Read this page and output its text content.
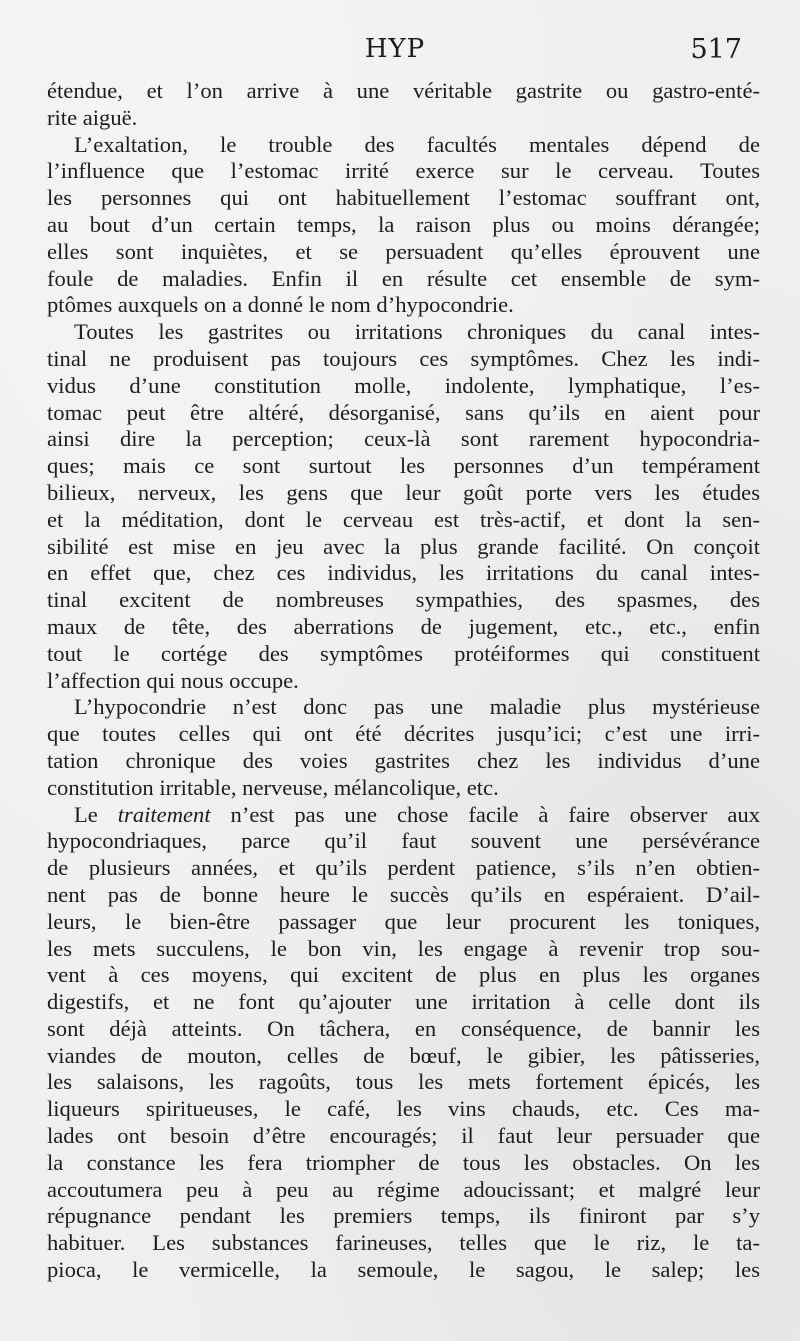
HYP	517
étendue, et l’on arrive à une véritable gastrite ou gastro-enté-
rite aiguë.
L’exaltation, le trouble des facultés mentales dépend de
l’influence que l’estomac irrité exerce sur le cerveau. Toutes
les personnes qui ont habituellement l’estomac souffrant ont,
au bout d’un certain temps, la raison plus ou moins dérangée;
elles sont inquiètes, et se persuadent qu’elles éprouvent une
foule de maladies. Enfin il en résulte cet ensemble de sym-
ptômes auxquels on a donné le nom d’hypocondrie.
Toutes les gastrites ou irritations chroniques du canal intes-
tinal ne produisent pas toujours ces symptômes. Chez les indi-
vidus d’une constitution molle, indolente, lymphatique, l’es-
tomac peut être altéré, désorganisé, sans qu’ils en aient pour
ainsi dire la perception; ceux-là sont rarement hypocondria-
ques; mais ce sont surtout les personnes d’un tempérament
bilieux, nerveux, les gens que leur goût porte vers les études
et la méditation, dont le cerveau est très-actif, et dont la sen-
sibilité est mise en jeu avec la plus grande facilité. On conçoit
en effet que, chez ces individus, les irritations du canal intes-
tinal excitent de nombreuses sympathies, des spasmes, des
maux de tête, des aberrations de jugement, etc., etc., enfin
tout le cortége des symptômes protéiformes qui constituent
l’affection qui nous occupe.
L’hypocondrie n’est donc pas une maladie plus mystérieuse
que toutes celles qui ont été décrites jusqu’ici; c’est une irri-
tation chronique des voies gastrites chez les individus d’une
constitution irritable, nerveuse, mélancolique, etc.
Le traitement n’est pas une chose facile à faire observer aux
hypocondriaques, parce qu’il faut souvent une persévérance
de plusieurs années, et qu’ils perdent patience, s’ils n’en obtien-
nent pas de bonne heure le succès qu’ils en espéraient. D’ail-
leurs, le bien-être passager que leur procurent les toniques,
les mets succulens, le bon vin, les engage à revenir trop sou-
vent à ces moyens, qui excitent de plus en plus les organes
digestifs, et ne font qu’ajouter une irritation à celle dont ils
sont déjà atteints. On tâchera, en conséquence, de bannir les
viandes de mouton, celles de bœuf, le gibier, les pâtisseries,
les salaisons, les ragoûts, tous les mets fortement épicés, les
liqueurs spiritueuses, le café, les vins chauds, etc. Ces ma-
lades ont besoin d’être encouragés; il faut leur persuader que
la constance les fera triompher de tous les obstacles. On les
accoutumera peu à peu au régime adoucissant; et malgré leur
répugnance pendant les premiers temps, ils finiront par s’y
habituer. Les substances farineuses, telles que le riz, le ta-
pioca, le vermicelle, la semoule, le sagou, le salep; les
